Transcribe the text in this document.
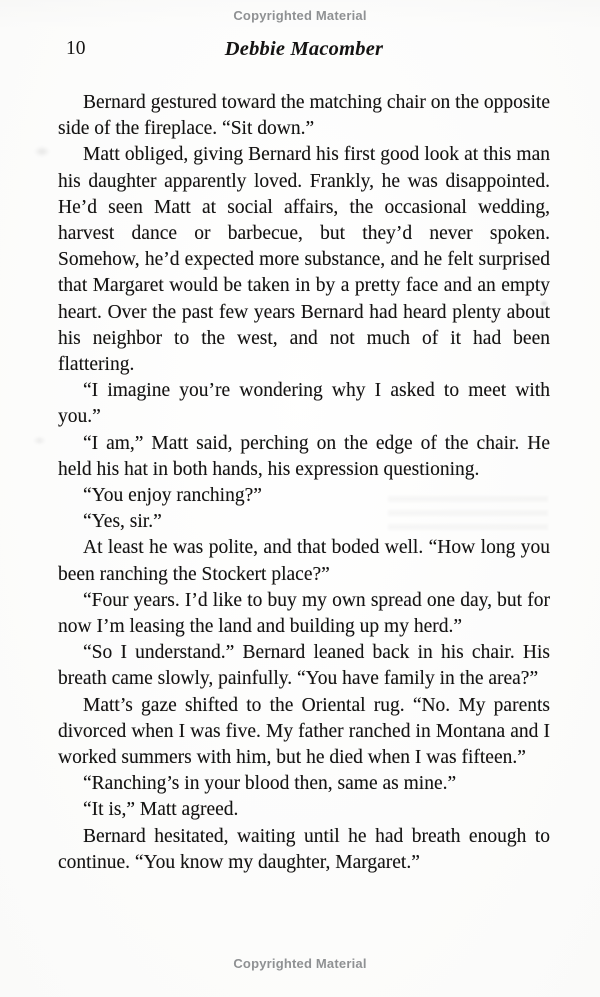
Copyrighted Material
10	Debbie Macomber

Bernard gestured toward the matching chair on the opposite side of the fireplace. “Sit down.”

Matt obliged, giving Bernard his first good look at this man his daughter apparently loved. Frankly, he was disappointed. He’d seen Matt at social affairs, the occasional wedding, harvest dance or barbecue, but they’d never spoken. Somehow, he’d expected more substance, and he felt surprised that Margaret would be taken in by a pretty face and an empty heart. Over the past few years Bernard had heard plenty about his neighbor to the west, and not much of it had been flattering.

“I imagine you’re wondering why I asked to meet with you.”

“I am,” Matt said, perching on the edge of the chair. He held his hat in both hands, his expression questioning.

“You enjoy ranching?”

“Yes, sir.”

At least he was polite, and that boded well. “How long you been ranching the Stockert place?”

“Four years. I’d like to buy my own spread one day, but for now I’m leasing the land and building up my herd.”

“So I understand.” Bernard leaned back in his chair. His breath came slowly, painfully. “You have family in the area?”

Matt’s gaze shifted to the Oriental rug. “No. My parents divorced when I was five. My father ranched in Montana and I worked summers with him, but he died when I was fifteen.”

“Ranching’s in your blood then, same as mine.”

“It is,” Matt agreed.

Bernard hesitated, waiting until he had breath enough to continue. “You know my daughter, Margaret.”

Copyrighted Material
